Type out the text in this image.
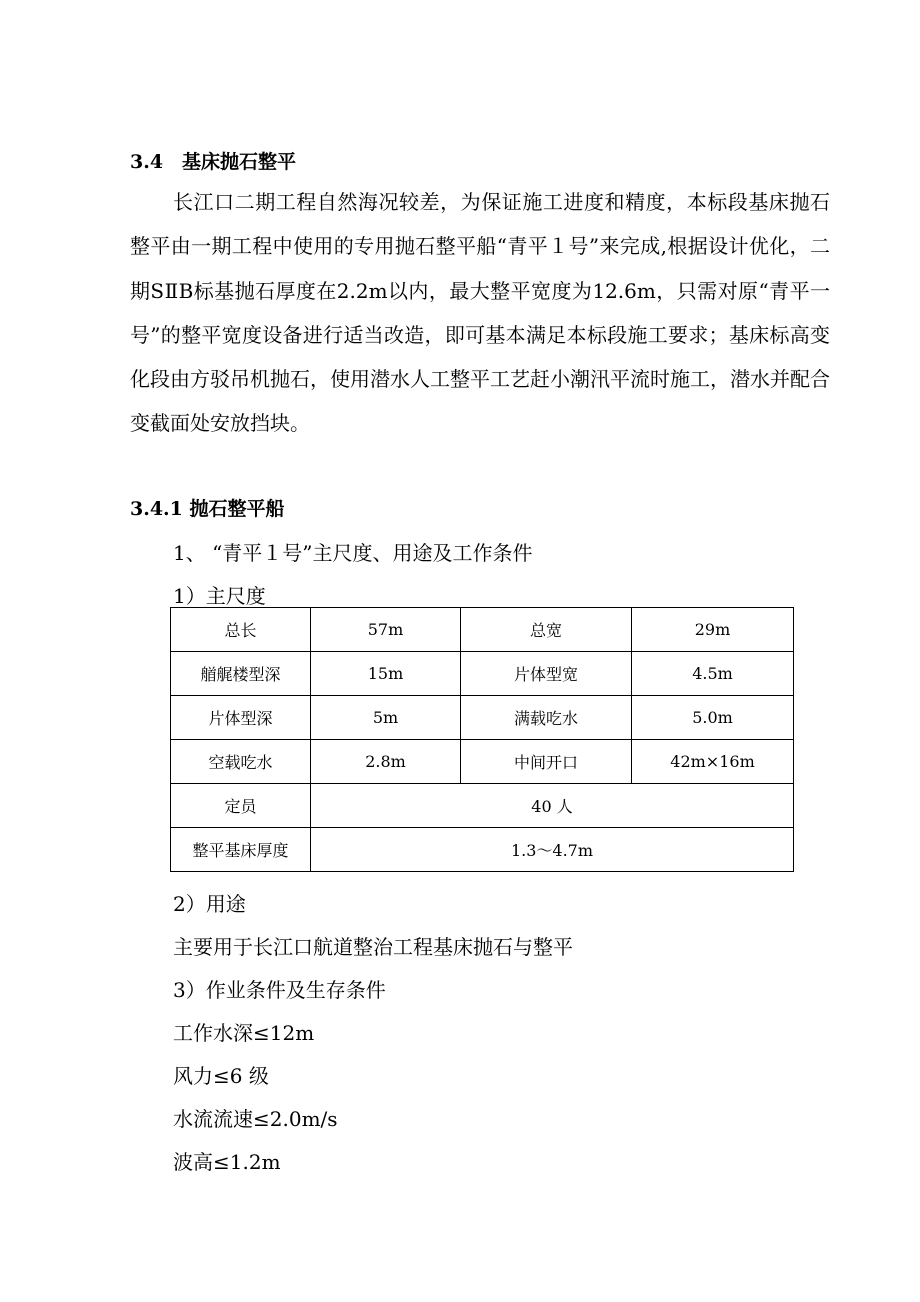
3.4　基床抛石整平
长江口二期工程自然海况较差，为保证施工进度和精度，本标段基床抛石整平由一期工程中使用的专用抛石整平船“青平１号”来完成,根据设计优化，二期SⅡB标基抛石厚度在2.2m以内，最大整平宽度为12.6m，只需对原“青平一号”的整平宽度设备进行适当改造，即可基本满足本标段施工要求；基床标高变化段由方驳吊机抛石，使用潜水人工整平工艺赶小潮汛平流时施工，潜水并配合变截面处安放挡块。
3.4.1 抛石整平船
1、 “青平１号”主尺度、用途及工作条件
1）主尺度
总长	57m	总宽	29m
艏艉楼型深	15m	片体型宽	4.5m
片体型深	5m	满载吃水	5.0m
空载吃水	2.8m	中间开口	42m×16m
定员	40 人		
整平基床厚度	1.3～4.7m		
2）用途
主要用于长江口航道整治工程基床抛石与整平
3）作业条件及生存条件
工作水深≤12m
风力≤6 级
水流流速≤2.0m/s
波高≤1.2m
